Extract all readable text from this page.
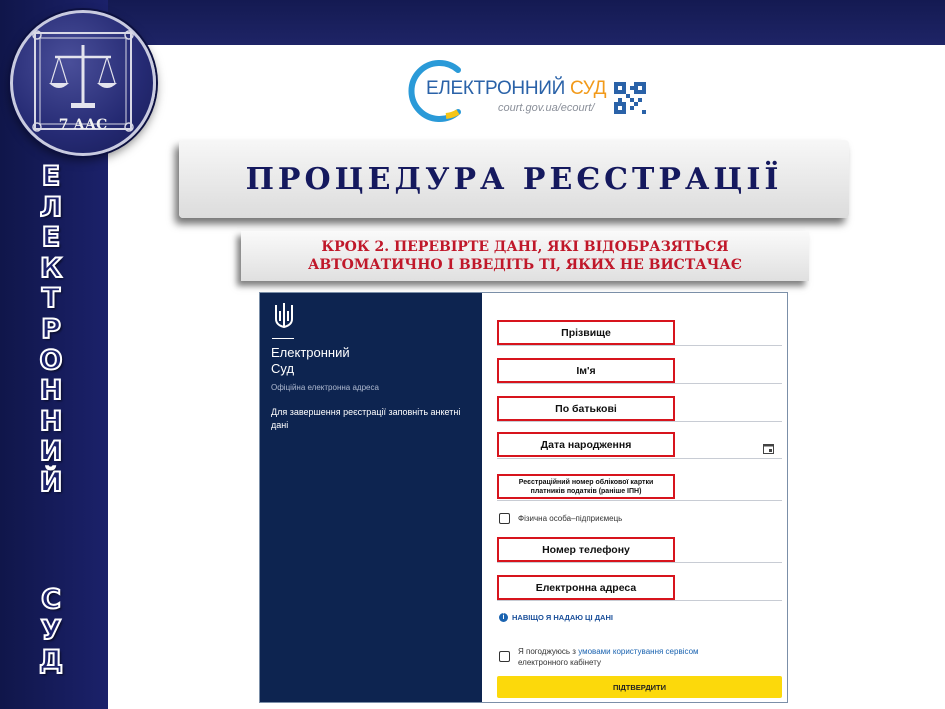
7 ААС
Е
Л
Е
К
Т
Р
О
Н
Н
И
Й
С
У
Д
ЕЛЕКТРОННИЙ СУД
court.gov.ua/ecourt/
ПРОЦЕДУРА РЕЄСТРАЦІЇ
КРОК 2. ПЕРЕВІРТЕ ДАНІ, ЯКІ ВІДОБРАЗЯТЬСЯ
АВТОМАТИЧНО І ВВЕДІТЬ ТІ, ЯКИХ НЕ ВИСТАЧАЄ
Електронний
Суд
Офіційна електронна адреса
Для завершення реєстрації заповніть анкетні дані
Прізвище
Ім'я
По батькові
Дата народження
Реєстраційний номер облікової картки
платників податків (раніше ІПН)
Фізична особа–підприємець
Номер телефону
Електронна адреса
i	НАВІЩО Я НАДАЮ ЦІ ДАНІ
Я погоджуюсь з умовами користування сервісом
електронного кабінету
ПІДТВЕРДИТИ
